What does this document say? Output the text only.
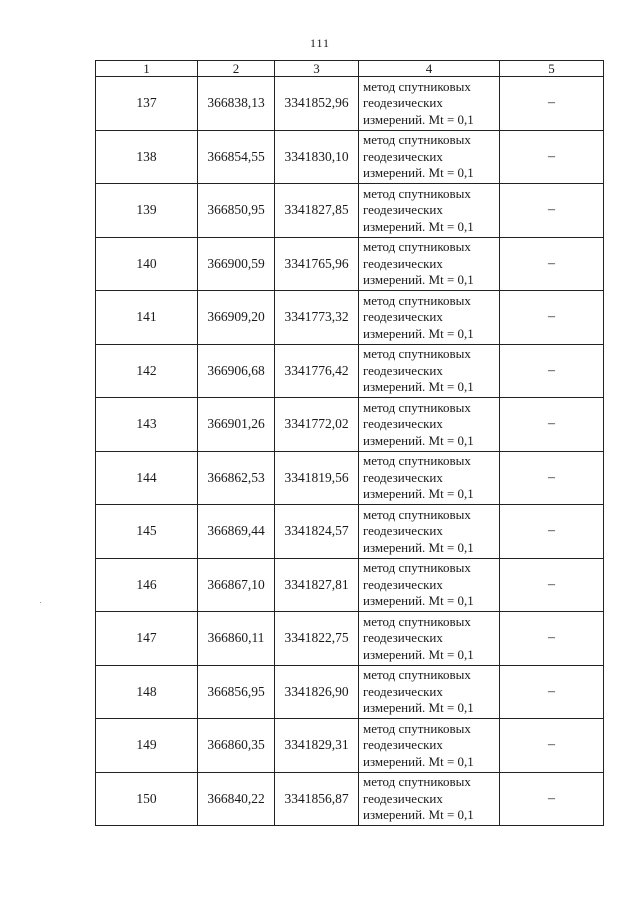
111
1	2	3	4	5
137	366838,13	3341852,96	метод спутниковых
геодезических
измерений. Mt = 0,1	–
138	366854,55	3341830,10	метод спутниковых
геодезических
измерений. Mt = 0,1	–
139	366850,95	3341827,85	метод спутниковых
геодезических
измерений. Mt = 0,1	–
140	366900,59	3341765,96	метод спутниковых
геодезических
измерений. Mt = 0,1	–
141	366909,20	3341773,32	метод спутниковых
геодезических
измерений. Mt = 0,1	–
142	366906,68	3341776,42	метод спутниковых
геодезических
измерений. Mt = 0,1	–
143	366901,26	3341772,02	метод спутниковых
геодезических
измерений. Mt = 0,1	–
144	366862,53	3341819,56	метод спутниковых
геодезических
измерений. Mt = 0,1	–
145	366869,44	3341824,57	метод спутниковых
геодезических
измерений. Mt = 0,1	–
146	366867,10	3341827,81	метод спутниковых
геодезических
измерений. Mt = 0,1	–
147	366860,11	3341822,75	метод спутниковых
геодезических
измерений. Mt = 0,1	–
148	366856,95	3341826,90	метод спутниковых
геодезических
измерений. Mt = 0,1	–
149	366860,35	3341829,31	метод спутниковых
геодезических
измерений. Mt = 0,1	–
150	366840,22	3341856,87	метод спутниковых
геодезических
измерений. Mt = 0,1	–
